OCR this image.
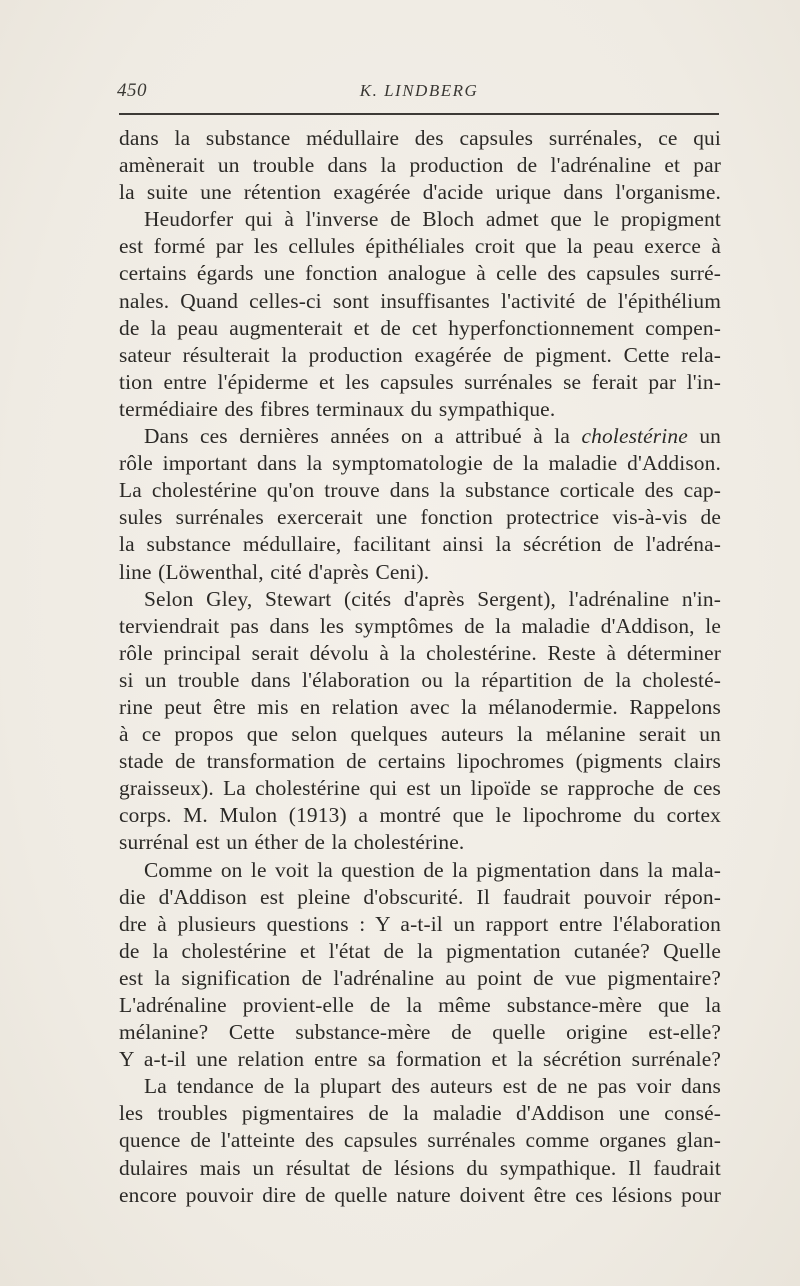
450	K. LINDBERG
dans la substance médullaire des capsules surrénales, ce qui
amènerait un trouble dans la production de l'adrénaline et par
la suite une rétention exagérée d'acide urique dans l'organisme.
Heudorfer qui à l'inverse de Bloch admet que le propigment
est formé par les cellules épithéliales croit que la peau exerce à
certains égards une fonction analogue à celle des capsules surré-
nales. Quand celles-ci sont insuffisantes l'activité de l'épithélium
de la peau augmenterait et de cet hyperfonctionnement compen-
sateur résulterait la production exagérée de pigment. Cette rela-
tion entre l'épiderme et les capsules surrénales se ferait par l'in-
termédiaire des fibres terminaux du sympathique.
Dans ces dernières années on a attribué à la cholestérine un
rôle important dans la symptomatologie de la maladie d'Addison.
La cholestérine qu'on trouve dans la substance corticale des cap-
sules surrénales exercerait une fonction protectrice vis-à-vis de
la substance médullaire, facilitant ainsi la sécrétion de l'adréna-
line (Löwenthal, cité d'après Ceni).
Selon Gley, Stewart (cités d'après Sergent), l'adrénaline n'in-
terviendrait pas dans les symptômes de la maladie d'Addison, le
rôle principal serait dévolu à la cholestérine. Reste à déterminer
si un trouble dans l'élaboration ou la répartition de la cholesté-
rine peut être mis en relation avec la mélanodermie. Rappelons
à ce propos que selon quelques auteurs la mélanine serait un
stade de transformation de certains lipochromes (pigments clairs
graisseux). La cholestérine qui est un lipoïde se rapproche de ces
corps. M. Mulon (1913) a montré que le lipochrome du cortex
surrénal est un éther de la cholestérine.
Comme on le voit la question de la pigmentation dans la mala-
die d'Addison est pleine d'obscurité. Il faudrait pouvoir répon-
dre à plusieurs questions : Y a-t-il un rapport entre l'élaboration
de la cholestérine et l'état de la pigmentation cutanée? Quelle
est la signification de l'adrénaline au point de vue pigmentaire?
L'adrénaline provient-elle de la même substance-mère que la
mélanine? Cette substance-mère de quelle origine est-elle?
Y a-t-il une relation entre sa formation et la sécrétion surrénale?
La tendance de la plupart des auteurs est de ne pas voir dans
les troubles pigmentaires de la maladie d'Addison une consé-
quence de l'atteinte des capsules surrénales comme organes glan-
dulaires mais un résultat de lésions du sympathique. Il faudrait
encore pouvoir dire de quelle nature doivent être ces lésions pour
